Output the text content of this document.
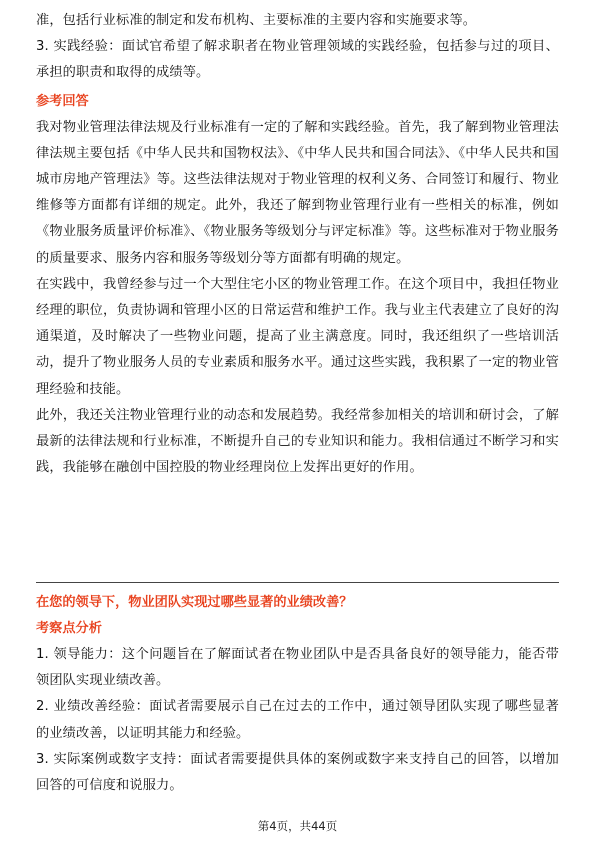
准，包括行业标准的制定和发布机构、主要标准的主要内容和实施要求等。

3. 实践经验：面试官希望了解求职者在物业管理领域的实践经验，包括参与过的项目、承担的职责和取得的成绩等。

参考回答

我对物业管理法律法规及行业标准有一定的了解和实践经验。首先，我了解到物业管理法律法规主要包括《中华人民共和国物权法》、《中华人民共和国合同法》、《中华人民共和国城市房地产管理法》等。这些法律法规对于物业管理的权利义务、合同签订和履行、物业维修等方面都有详细的规定。此外，我还了解到物业管理行业有一些相关的标准，例如《物业服务质量评价标准》、《物业服务等级划分与评定标准》等。这些标准对于物业服务的质量要求、服务内容和服务等级划分等方面都有明确的规定。

在实践中，我曾经参与过一个大型住宅小区的物业管理工作。在这个项目中，我担任物业经理的职位，负责协调和管理小区的日常运营和维护工作。我与业主代表建立了良好的沟通渠道，及时解决了一些物业问题，提高了业主满意度。同时，我还组织了一些培训活动，提升了物业服务人员的专业素质和服务水平。通过这些实践，我积累了一定的物业管理经验和技能。

此外，我还关注物业管理行业的动态和发展趋势。我经常参加相关的培训和研讨会，了解最新的法律法规和行业标准，不断提升自己的专业知识和能力。我相信通过不断学习和实践，我能够在融创中国控股的物业经理岗位上发挥出更好的作用。

在您的领导下，物业团队实现过哪些显著的业绩改善？
考察点分析

1. 领导能力：这个问题旨在了解面试者在物业团队中是否具备良好的领导能力，能否带领团队实现业绩改善。

2. 业绩改善经验：面试者需要展示自己在过去的工作中，通过领导团队实现了哪些显著的业绩改善，以证明其能力和经验。

3. 实际案例或数字支持：面试者需要提供具体的案例或数字来支持自己的回答，以增加回答的可信度和说服力。

第4页，共44页
